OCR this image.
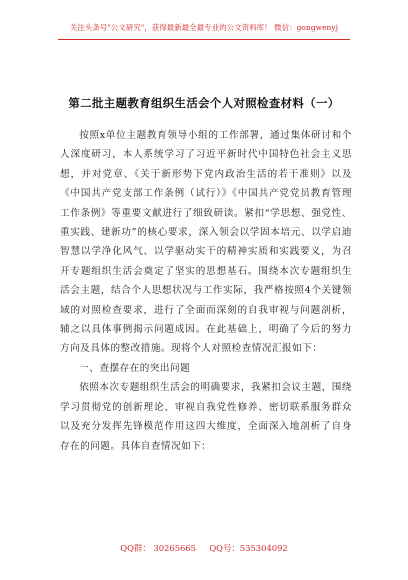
关注头条号"公文研究"，获得最新最全最专业的公文资料库！ 微信：gongwenyj
第二批主题教育组织生活会个人对照检查材料（一）

按照x单位主题教育领导小组的工作部署，通过集体研讨和个人深度研习，本人系统学习了习近平新时代中国特色社会主义思想，并对党章、《关于新形势下党内政治生活的若干准则》以及《中国共产党支部工作条例（试行）》《中国共产党党员教育管理工作条例》等重要文献进行了细致研读。紧扣“学思想、强党性、重实践、建新功”的核心要求，深入领会以学固本培元、以学启迪智慧以学净化风气、以学驱动实干的精神实质和实践要义，为召开专题组织生活会奠定了坚实的思想基石。围绕本次专题组织生活会主题，结合个人思想状况与工作实际，我严格按照4个关键领域的对照检查要求，进行了全面而深刻的自我审视与问题剖析，辅之以具体事例揭示问题成因。在此基础上，明确了今后的努力方向及具体的整改措施。现将个人对照检查情况汇报如下：

一、查摆存在的突出问题

依照本次专题组织生活会的明确要求，我紧扣会议主题，围绕学习贯彻党的创新理论、审视自我党性修养、密切联系服务群众以及充分发挥先锋模范作用这四大维度，全面深入地剖析了自身存在的问题。具体自查情况如下：

QQ群： 30265665     QQ号：535304092
